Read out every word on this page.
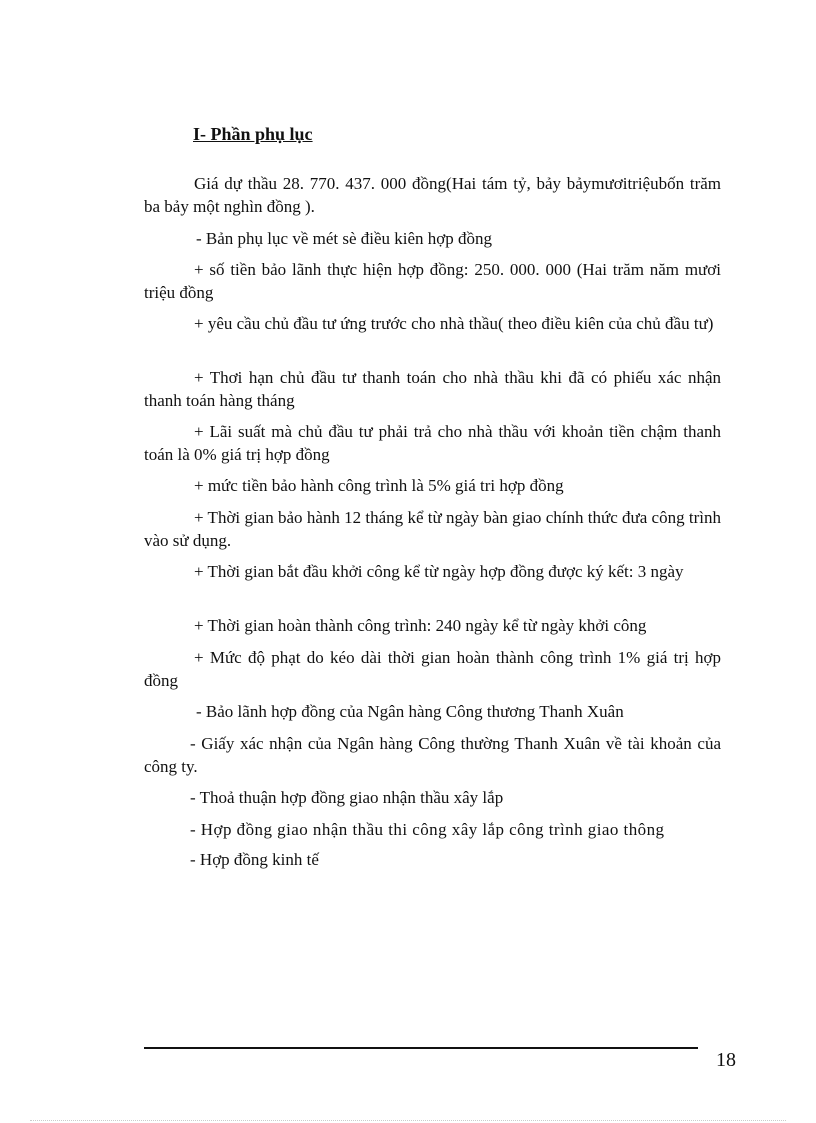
I- Phần phụ lục

Giá dự thầu 28. 770. 437. 000 đồng(Hai tám tỷ, bảy bảymươitriệubốn trăm ba bảy một nghìn đồng ).

- Bản phụ lục về mét sè điều kiên hợp đồng

+ số tiền bảo lãnh thực hiện hợp đồng: 250. 000. 000 (Hai trăm năm mươi triệu đồng

+ yêu cầu chủ đầu tư ứng trước cho nhà thầu( theo điều kiên của chủ đầu tư)

+ Thơi hạn chủ đầu tư thanh toán cho nhà thầu khi đã có phiếu xác nhận thanh toán hàng tháng

+ Lãi suất mà chủ đầu tư phải trả cho nhà thầu với khoản tiền chậm thanh toán là 0% giá trị hợp đồng

+ mức tiền bảo hành công trình là 5% giá tri hợp đồng

+ Thời gian bảo hành 12 tháng kể từ ngày bàn giao chính thức đưa công trình vào sử dụng.

+ Thời gian bắt đầu khởi công kể từ ngày hợp đồng được ký kết: 3 ngày

+ Thời gian hoàn thành công trình: 240 ngày kể từ ngày khởi công

+ Mức độ phạt do kéo dài thời gian hoàn thành công trình 1% giá trị hợp đồng

- Bảo lãnh hợp đồng của Ngân hàng Công thương Thanh Xuân

- Giấy xác nhận của Ngân hàng Công thường Thanh Xuân về tài khoản của công ty.

- Thoả thuận hợp đồng giao nhận thầu xây lắp

- Hợp đồng giao nhận thầu thi công xây lắp công trình giao thông

- Hợp đồng kinh tế

18
